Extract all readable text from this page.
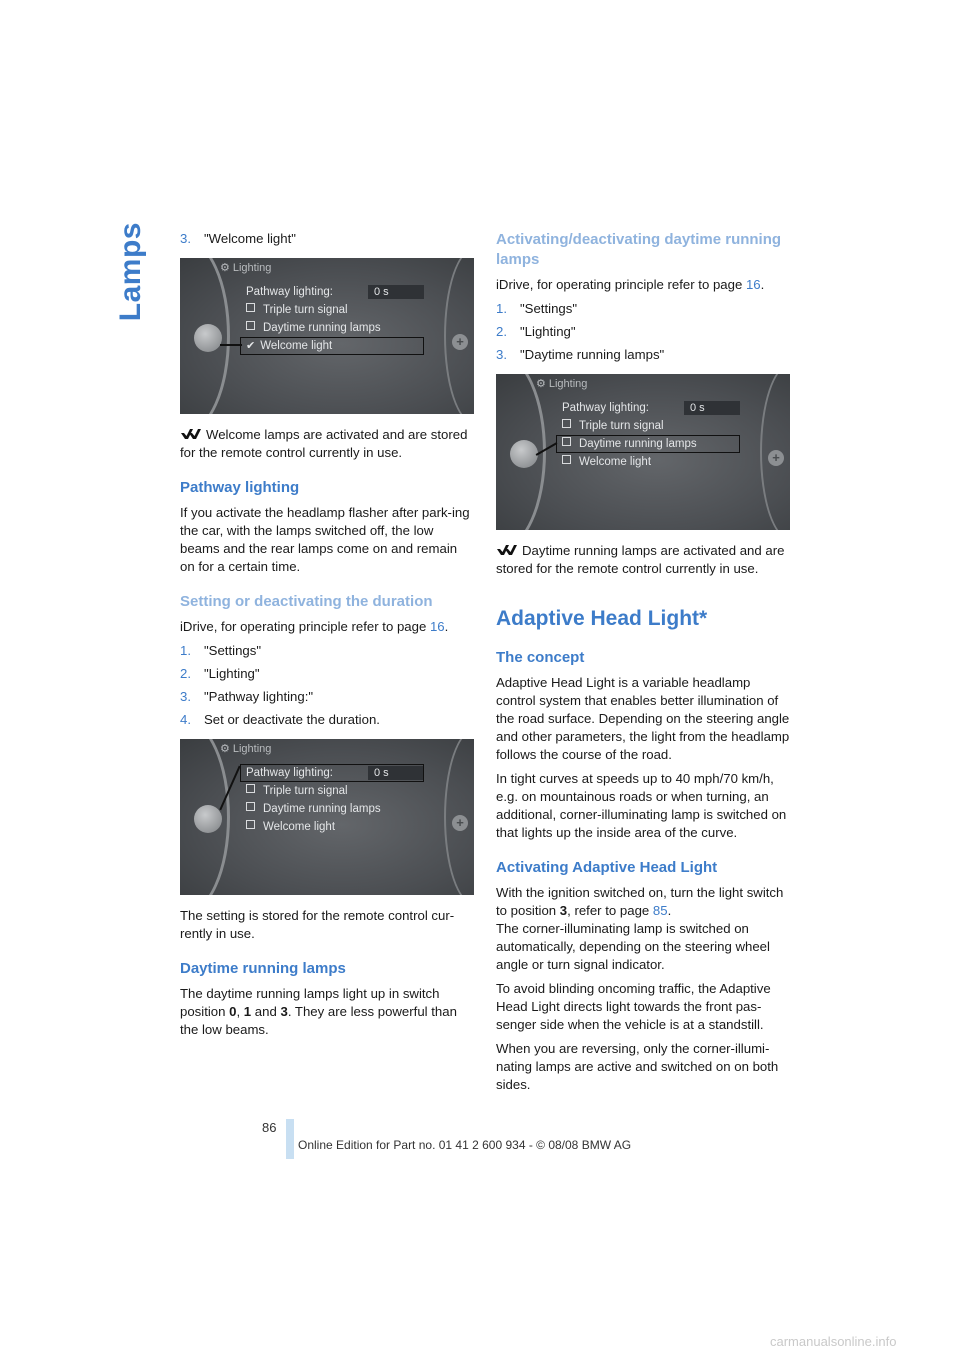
Lamps	3. "Welcome light"
+
⚙ Lighting
Pathway lighting:	0 s
Triple turn signal
Daytime running lamps
✔ Welcome light

Welcome lamps are activated and are stored for the remote control currently in use.

Pathway lighting

If you activate the headlamp flasher after park-ing the car, with the lamps switched off, the low beams and the rear lamps come on and remain on for a certain time.

Setting or deactivating the duration

iDrive, for operating principle refer to page 16.

1. "Settings"
2. "Lighting"
3. "Pathway lighting:"
4. Set or deactivate the duration.
+
⚙ Lighting
Pathway lighting:	0 s
Triple turn signal
Daytime running lamps
Welcome light

The setting is stored for the remote control cur-rently in use.

Daytime running lamps

The daytime running lamps light up in switch position 0, 1 and 3. They are less powerful than the low beams.

Activating/deactivating daytime running lamps

iDrive, for operating principle refer to page 16.

1. "Settings"
2. "Lighting"
3. "Daytime running lamps"
+
⚙ Lighting
Pathway lighting:	0 s
Triple turn signal
Daytime running lamps
Welcome light

Daytime running lamps are activated and are stored for the remote control currently in use.

Adaptive Head Light*
The concept

Adaptive Head Light is a variable headlamp control system that enables better illumination of the road surface. Depending on the steering angle and other parameters, the light from the headlamp follows the course of the road.

In tight curves at speeds up to 40 mph/70 km/h, e.g. on mountainous roads or when turning, an additional, corner-illuminating lamp is switched on that lights up the inside area of the curve.

Activating Adaptive Head Light

With the ignition switched on, turn the light switch to position 3, refer to page 85.
The corner-illuminating lamp is switched on automatically, depending on the steering wheel angle or turn signal indicator.

To avoid blinding oncoming traffic, the Adaptive Head Light directs light towards the front pas-senger side when the vehicle is at a standstill.

When you are reversing, only the corner-illumi-nating lamps are active and switched on on both sides.

86
Online Edition for Part no. 01 41 2 600 934 - © 08/08 BMW AG
carmanualsonline.info
